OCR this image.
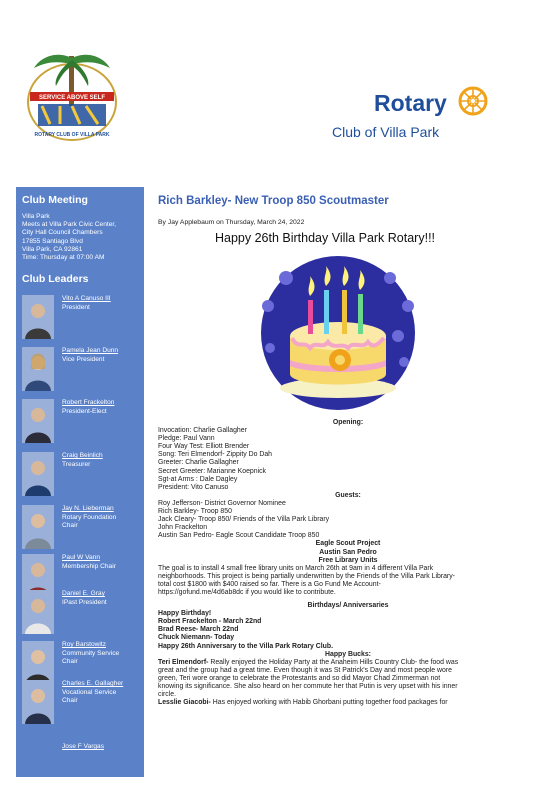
SERVICE ABOVE SELF
ROTARY CLUB OF VILLA PARK
Rotary
Club of Villa Park
Club Meeting
Villa Park
Meets at Villa Park Civic Center,
City Hall Council Chambers
17855 Santiago Blvd
Villa Park, CA 92861
Time: Thursday at 07:00 AM
Club Leaders
Vito A Canuso III
President
Pamela Jean Dunn
Vice President
Robert Frackelton
President-Elect
Craig Beinlich
Treasurer
Jay N. Lieberman
Rotary Foundation
Chair
Paul W Vann
Membership Chair
Daniel E. Gray
IPast President
Roy Barstowitz
Community Service
Chair
Charles E. Gallagher
Vocational Service
Chair
Jose F Vargas
Rich Barkley- New Troop 850 Scoutmaster
By Jay Applebaum on Thursday, March 24, 2022
Happy 26th Birthday Villa Park Rotary!!!
Opening:
Invocation: Charlie Gallagher
Pledge: Paul Vann
Four Way Test: Elliott Brender
Song: Teri Elmendorf- Zippity Do Dah
Greeter: Charlie Gallagher
Secret Greeter: Marianne Koepnick
Sgt-at Arms : Dale Dagley
President: Vito Canuso
Guests:
Roy Jefferson- District Governor Nominee
Rich Barkley- Troop 850
Jack Cleary- Troop 850/ Friends of the Villa Park Library
John Frackelton
Austin San Pedro- Eagle Scout Candidate Troop 850
Eagle Scout Project
Austin San Pedro
Free Library Units
The goal is to install 4 small free library units on March 26th at 9am in 4 different Villa Park
neighborhoods. This project is being partially underwritten by the Friends of the Villa Park Library-
total cost $1800 with $400 raised so far. There is a Go Fund Me Account-
https://gofund.me/4d6ab8dc if you would like to contribute.
Birthdays/ Anniversaries
Happy Birthday!
Robert Frackelton - March 22nd
Brad Reese- March 22nd
Chuck Niemann- Today
Happy 26th Anniversary to the Villa Park Rotary Club.
Happy Bucks:
Teri Elmendorf- Really enjoyed the Holiday Party at the Anaheim Hills Country Club- the food was
great and the group had a great time. Even though it was St Patrick's Day and most people wore
green, Teri wore orange to celebrate the Protestants and so did Mayor Chad Zimmerman not
knowing its significance. She also heard on her commute her that Putin is very upset with his inner
circle.
Lesslie Giacobi- Has enjoyed working with Habib Ghorbani putting together food packages for
